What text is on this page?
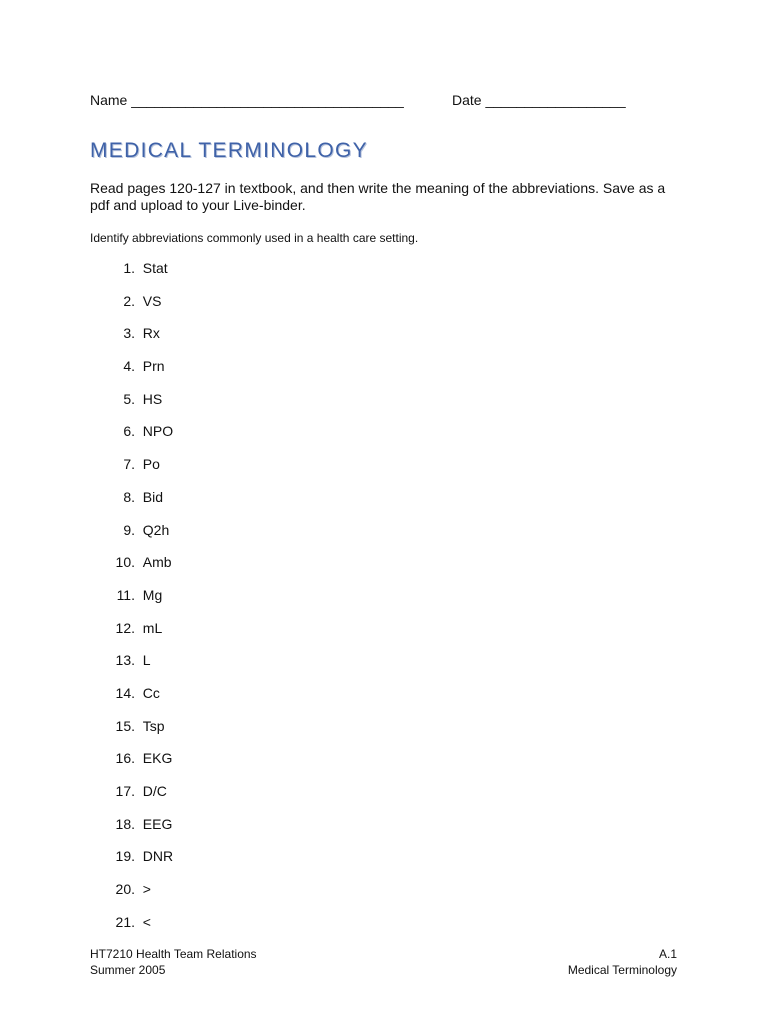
Name ___________________________________	Date __________________
MEDICAL TERMINOLOGY
Read pages 120-127 in textbook, and then write the meaning of the abbreviations. Save as a pdf and upload to your Live-binder.
Identify abbreviations commonly used in a health care setting.
1. Stat
2. VS
3. Rx
4. Prn
5. HS
6. NPO
7. Po
8. Bid
9. Q2h
10. Amb
11. Mg
12. mL
13. L
14. Cc
15. Tsp
16. EKG
17. D/C
18. EEG
19. DNR
20. >
21. <
HT7210 Health Team Relations
Summer 2005
A.1
Medical Terminology
